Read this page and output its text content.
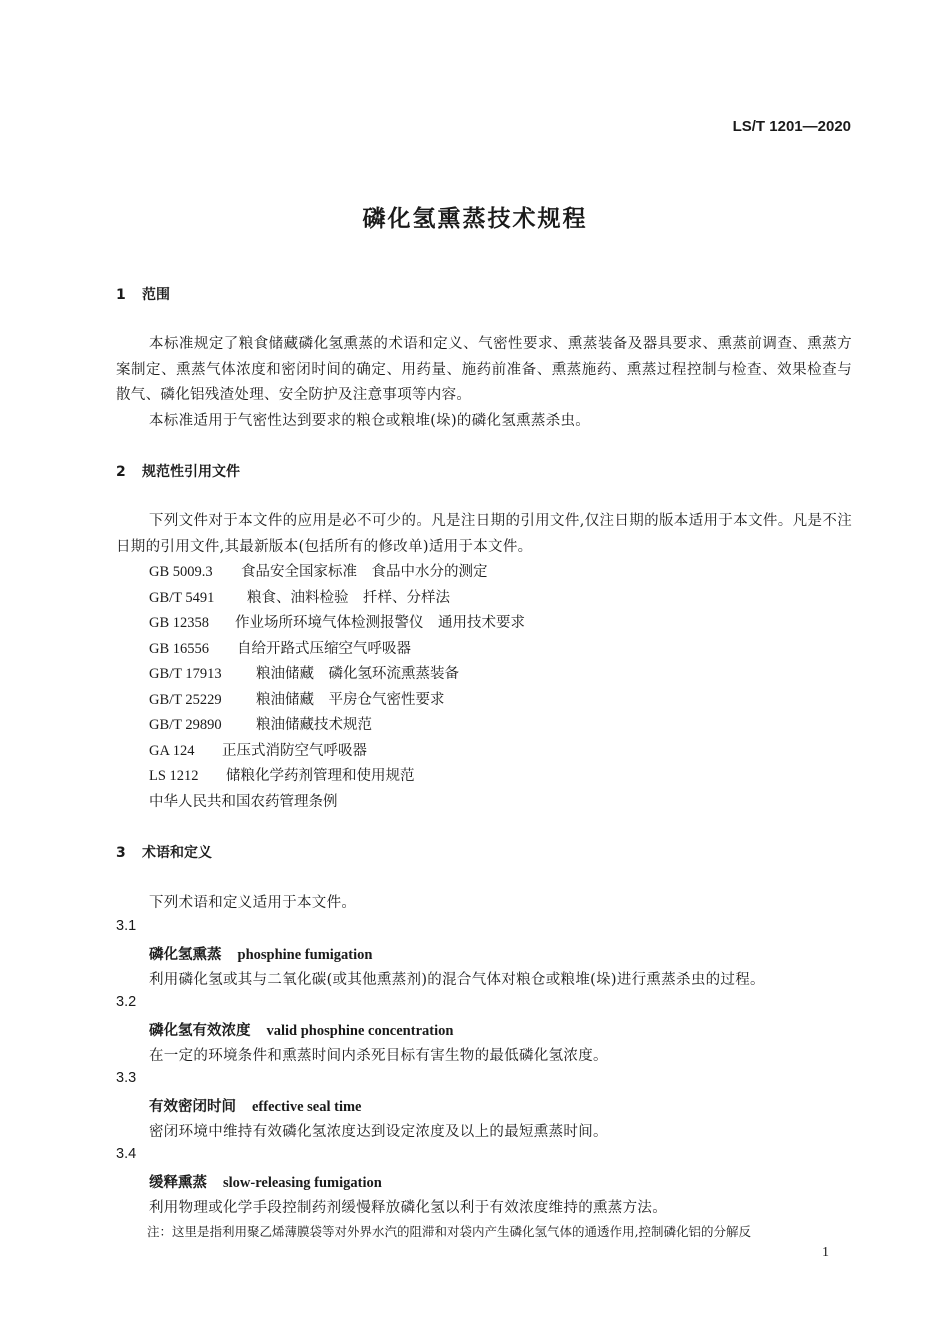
LS/T 1201—2020
磷化氢熏蒸技术规程
1 范围

本标准规定了粮食储藏磷化氢熏蒸的术语和定义、气密性要求、熏蒸装备及器具要求、熏蒸前调查、熏蒸方案制定、熏蒸气体浓度和密闭时间的确定、用药量、施药前准备、熏蒸施药、熏蒸过程控制与检查、效果检查与散气、磷化铝残渣处理、安全防护及注意事项等内容。

本标准适用于气密性达到要求的粮仓或粮堆(垛)的磷化氢熏蒸杀虫。

2 规范性引用文件

下列文件对于本文件的应用是必不可少的。凡是注日期的引用文件,仅注日期的版本适用于本文件。凡是不注日期的引用文件,其最新版本(包括所有的修改单)适用于本文件。

GB 5009.3 食品安全国家标准　食品中水分的测定
GB/T 5491 粮食、油料检验　扦样、分样法
GB 12358 作业场所环境气体检测报警仪　通用技术要求
GB 16556 自给开路式压缩空气呼吸器
GB/T 17913 粮油储藏　磷化氢环流熏蒸装备
GB/T 25229 粮油储藏　平房仓气密性要求
GB/T 29890 粮油储藏技术规范
GA 124 正压式消防空气呼吸器
LS 1212 储粮化学药剂管理和使用规范
中华人民共和国农药管理条例
3 术语和定义
下列术语和定义适用于本文件。
3.1
磷化氢熏蒸 phosphine fumigation
利用磷化氢或其与二氧化碳(或其他熏蒸剂)的混合气体对粮仓或粮堆(垛)进行熏蒸杀虫的过程。
3.2
磷化氢有效浓度 valid phosphine concentration
在一定的环境条件和熏蒸时间内杀死目标有害生物的最低磷化氢浓度。
3.3
有效密闭时间 effective seal time
密闭环境中维持有效磷化氢浓度达到设定浓度及以上的最短熏蒸时间。
3.4
缓释熏蒸 slow-releasing fumigation
利用物理或化学手段控制药剂缓慢释放磷化氢以利于有效浓度维持的熏蒸方法。
注：这里是指利用聚乙烯薄膜袋等对外界水汽的阻滞和对袋内产生磷化氢气体的通透作用,控制磷化铝的分解反
1
